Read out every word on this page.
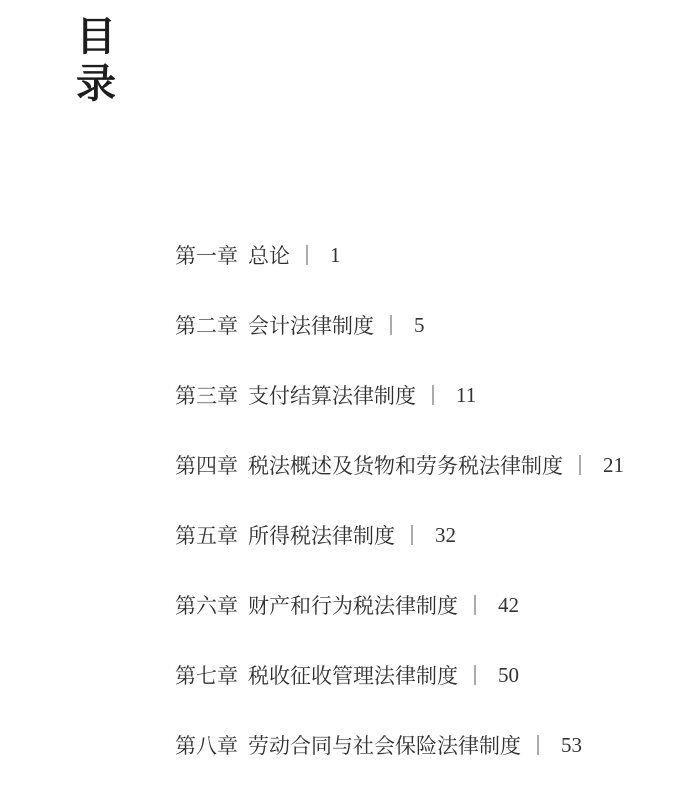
目
录
第一章 总论 1
第二章 会计法律制度 5
第三章 支付结算法律制度 11
第四章 税法概述及货物和劳务税法律制度 21
第五章 所得税法律制度 32
第六章 财产和行为税法律制度 42
第七章 税收征收管理法律制度 50
第八章 劳动合同与社会保险法律制度 53
